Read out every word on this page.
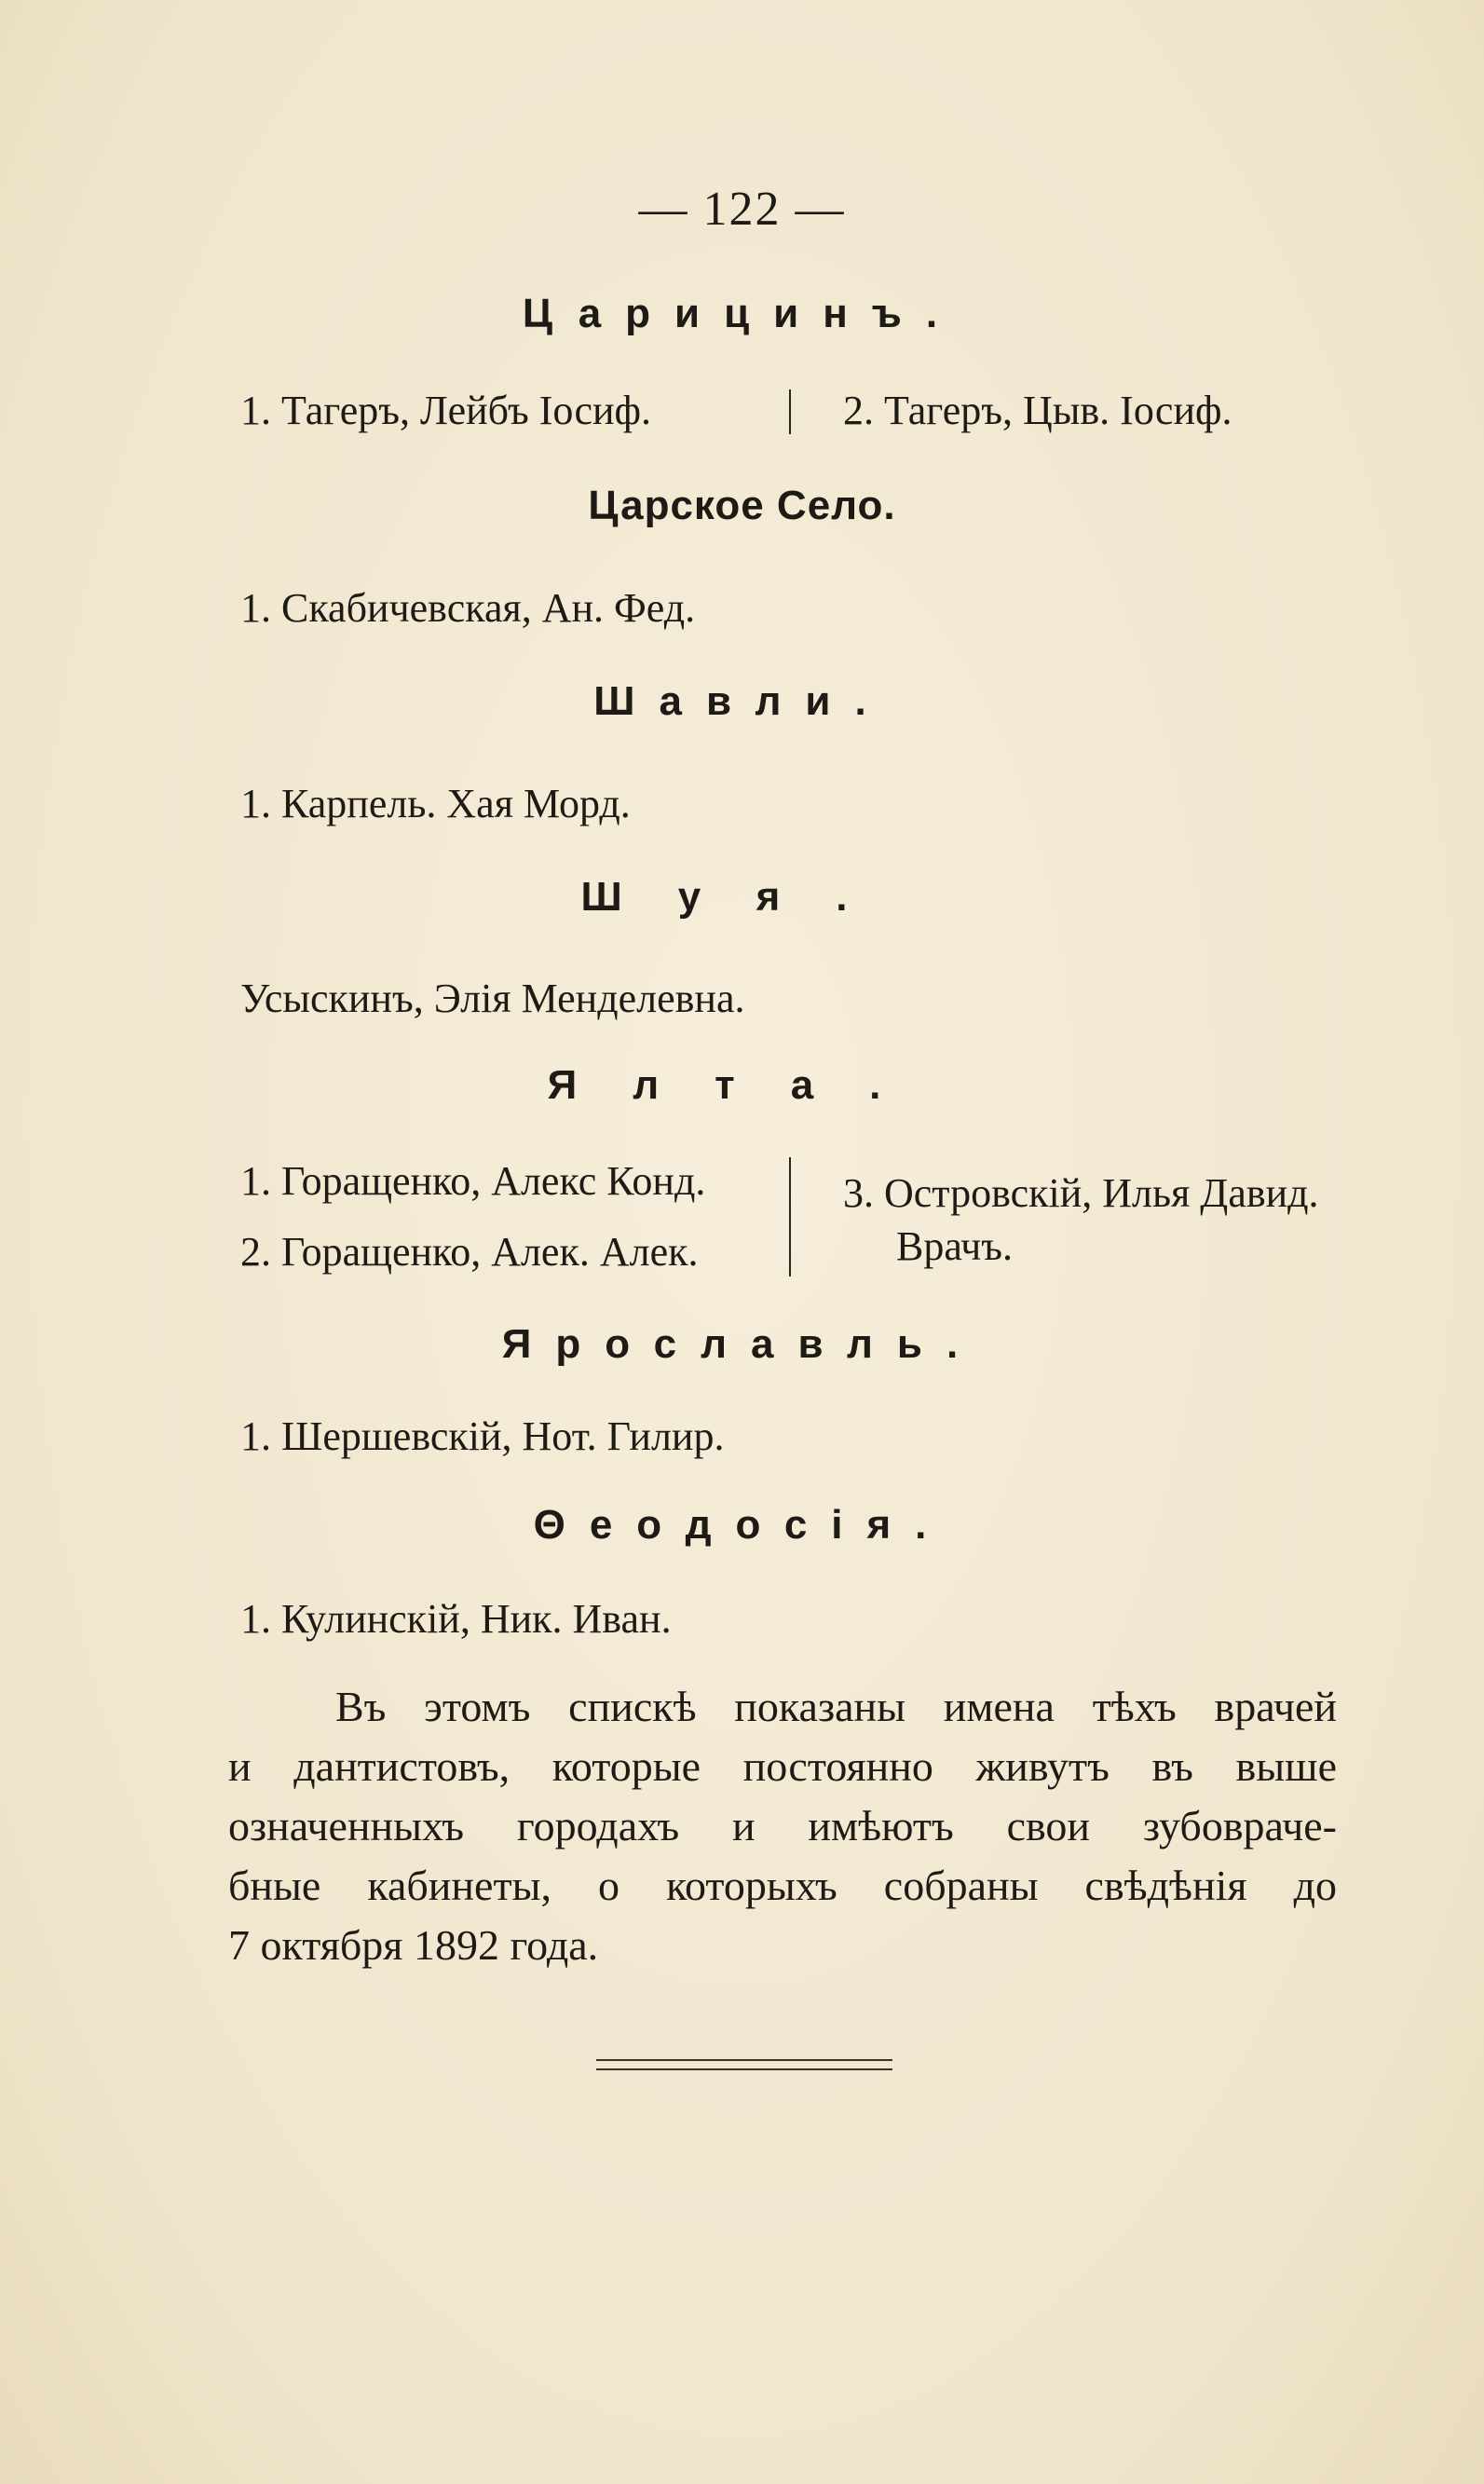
— 122 —
Царицинъ.
1. Тагеръ, Лейбъ Іосиф.	2. Тагеръ, Цыв. Іосиф.
Царское Село.
1. Скабичевская, Ан. Фед.
Шавли.
1. Карпель. Хая Морд.
Шуя.
Усыскинъ, Элія Менделевна.
Ялта.
1. Горащенко, Алекс Конд.
2. Горащенко, Алек. Алек.
3. Островскій, Илья Давид.
Врачъ.
Ярославль.
1. Шершевскій, Нот. Гилир.
Θеодосія.
1. Кулинскій, Ник. Иван.
Въ этомъ спискѣ показаны имена тѣхъ врачей
и дантистовъ, которые постоянно живутъ въ выше
означенныхъ городахъ и имѣютъ свои зубовраче-
бные кабинеты, о которыхъ собраны свѣдѣнія до
7 октября 1892 года.
